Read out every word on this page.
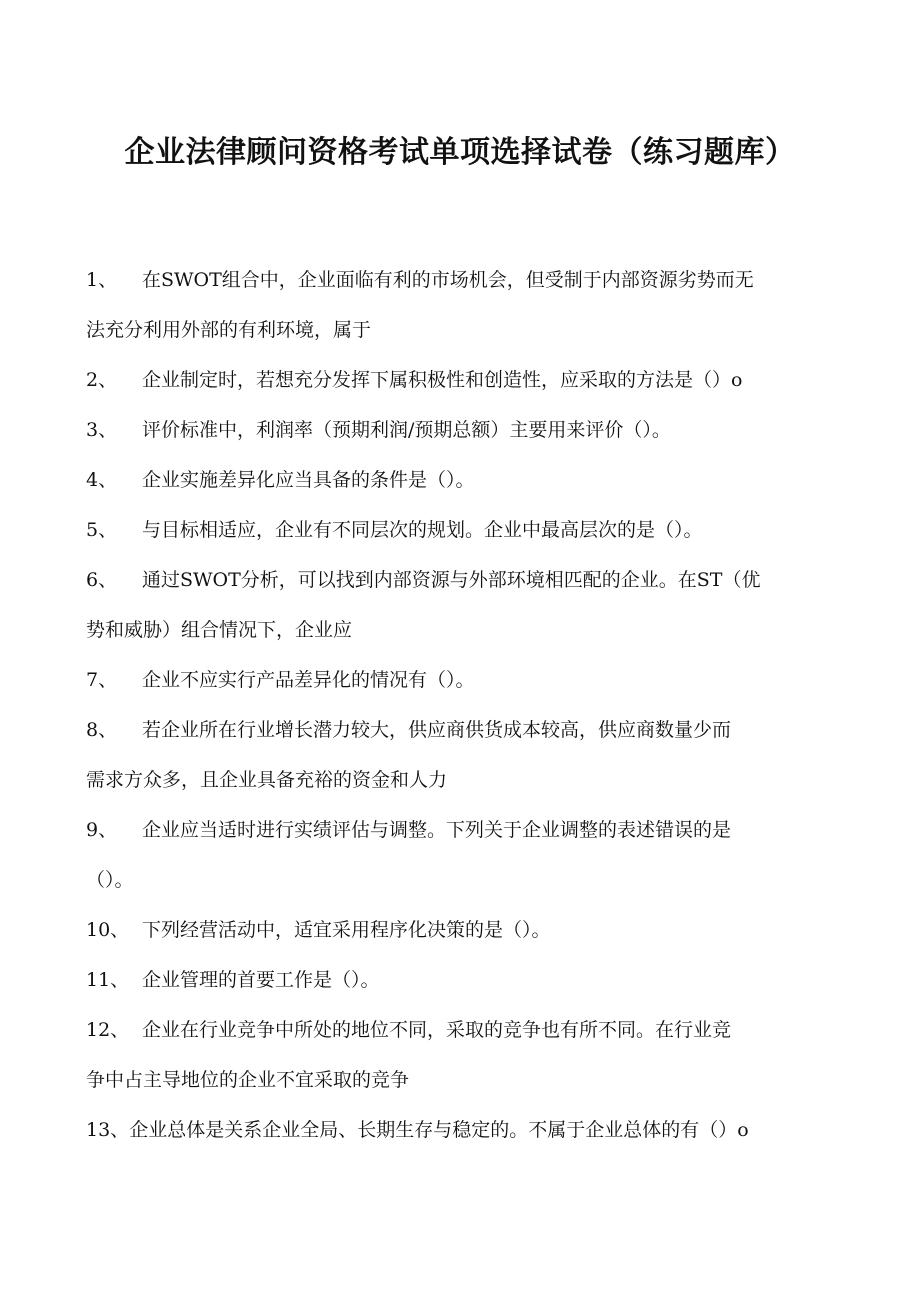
企业法律顾问资格考试单项选择试卷（练习题库）
1、 在SWOT组合中，企业面临有利的市场机会，但受制于内部资源劣势而无
法充分利用外部的有利环境，属于
2、 企业制定时，若想充分发挥下属积极性和创造性，应采取的方法是（）o
3、 评价标准中，利润率（预期利润/预期总额）主要用来评价（）。
4、 企业实施差异化应当具备的条件是（）。
5、 与目标相适应，企业有不同层次的规划。企业中最高层次的是（）。
6、 通过SWOT分析，可以找到内部资源与外部环境相匹配的企业。在ST（优
势和威胁）组合情况下，企业应
7、 企业不应实行产品差异化的情况有（）。
8、 若企业所在行业增长潜力较大，供应商供货成本较高，供应商数量少而
需求方众多，且企业具备充裕的资金和人力
9、 企业应当适时进行实绩评估与调整。下列关于企业调整的表述错误的是
（）。
10、 下列经营活动中，适宜采用程序化决策的是（）。
11、 企业管理的首要工作是（）。
12、 企业在行业竞争中所处的地位不同，采取的竞争也有所不同。在行业竞
争中占主导地位的企业不宜采取的竞争
13、企业总体是关系企业全局、长期生存与稳定的。不属于企业总体的有（）o
